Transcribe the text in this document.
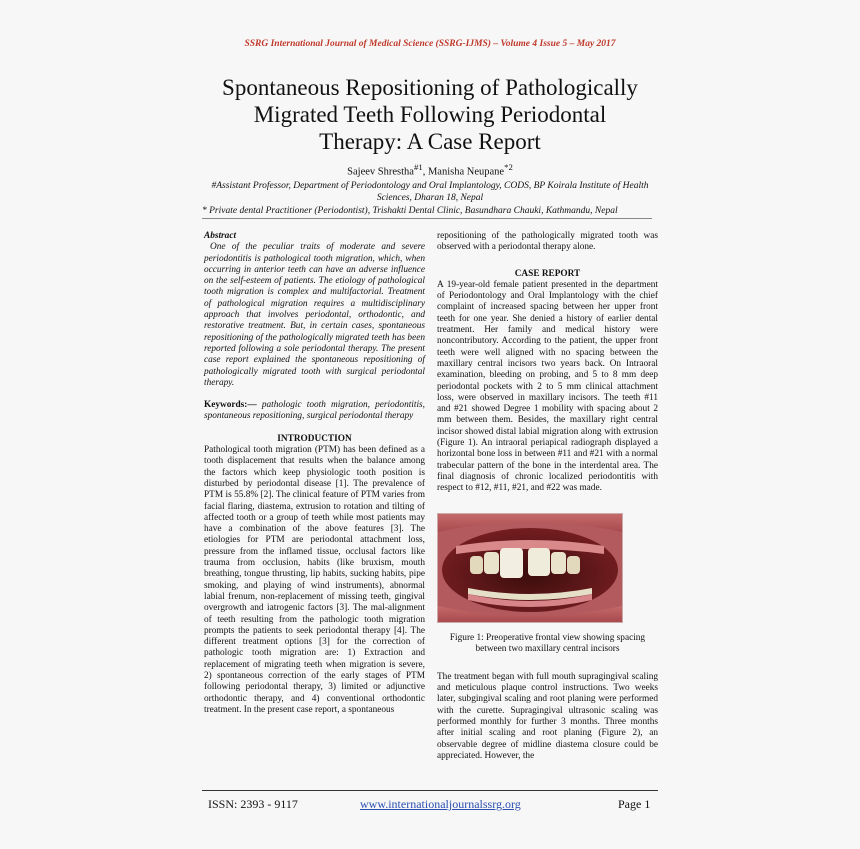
SSRG International Journal of Medical Science (SSRG-IJMS) – Volume 4 Issue 5 – May 2017
Spontaneous Repositioning of Pathologically
Migrated Teeth Following Periodontal
Therapy: A Case Report
Sajeev Shrestha$^{\#1}$, Manisha Neupane$^{*2}$
#Assistant Professor, Department of Periodontology and Oral Implantology, CODS, BP Koirala Institute of Health Sciences, Dharan 18, Nepal
* Private dental Practitioner (Periodontist), Trishakti Dental Clinic, Basundhara Chauki, Kathmandu, Nepal

Abstract

One of the peculiar traits of moderate and severe periodontitis is pathological tooth migration, which, when occurring in anterior teeth can have an adverse influence on the self-esteem of patients. The etiology of pathological tooth migration is complex and multifactorial. Treatment of pathological migration requires a multidisciplinary approach that involves periodontal, orthodontic, and restorative treatment. But, in certain cases, spontaneous repositioning of the pathologically migrated teeth has been reported following a sole periodontal therapy. The present case report explained the spontaneous repositioning of pathologically migrated tooth with surgical periodontal therapy.

Keywords:— pathologic tooth migration, periodontitis, spontaneous repositioning, surgical periodontal therapy

INTRODUCTION

Pathological tooth migration (PTM) has been defined as a tooth displacement that results when the balance among the factors which keep physiologic tooth position is disturbed by periodontal disease [1]. The prevalence of PTM is 55.8% [2]. The clinical feature of PTM varies from facial flaring, diastema, extrusion to rotation and tilting of affected tooth or a group of teeth while most patients may have a combination of the above features [3]. The etiologies for PTM are periodontal attachment loss, pressure from the inflamed tissue, occlusal factors like trauma from occlusion, habits (like bruxism, mouth breathing, tongue thrusting, lip habits, sucking habits, pipe smoking, and playing of wind instruments), abnormal labial frenum, non-replacement of missing teeth, gingival overgrowth and iatrogenic factors [3]. The mal-alignment of teeth resulting from the pathologic tooth migration prompts the patients to seek periodontal therapy [4]. The different treatment options [3] for the correction of pathologic tooth migration are: 1) Extraction and replacement of migrating teeth when migration is severe, 2) spontaneous correction of the early stages of PTM following periodontal therapy, 3) limited or adjunctive orthodontic therapy, and 4) conventional orthodontic treatment. In the present case report, a spontaneous

repositioning of the pathologically migrated tooth was observed with a periodontal therapy alone.

CASE REPORT

A 19-year-old female patient presented in the department of Periodontology and Oral Implantology with the chief complaint of increased spacing between her upper front teeth for one year. She denied a history of earlier dental treatment. Her family and medical history were noncontributory. According to the patient, the upper front teeth were well aligned with no spacing between the maxillary central incisors two years back. On Intraoral examination, bleeding on probing, and 5 to 8 mm deep periodontal pockets with 2 to 5 mm clinical attachment loss, were observed in maxillary incisors. The teeth #11 and #21 showed Degree 1 mobility with spacing about 2 mm between them. Besides, the maxillary right central incisor showed distal labial migration along with extrusion (Figure 1). An intraoral periapical radiograph displayed a horizontal bone loss in between #11 and #21 with a normal trabecular pattern of the bone in the interdental area. The final diagnosis of chronic localized periodontitis with respect to #12, #11, #21, and #22 was made.

Figure 1: Preoperative frontal view showing spacing between two maxillary central incisors

The treatment began with full mouth supragingival scaling and meticulous plaque control instructions. Two weeks later, subgingival scaling and root planing were performed with the curette. Supragingival ultrasonic scaling was performed monthly for further 3 months. Three months after initial scaling and root planing (Figure 2), an observable degree of midline diastema closure could be appreciated. However, the

ISSN: 2393 - 9117	www.internationaljournalssrg.org	Page 1
